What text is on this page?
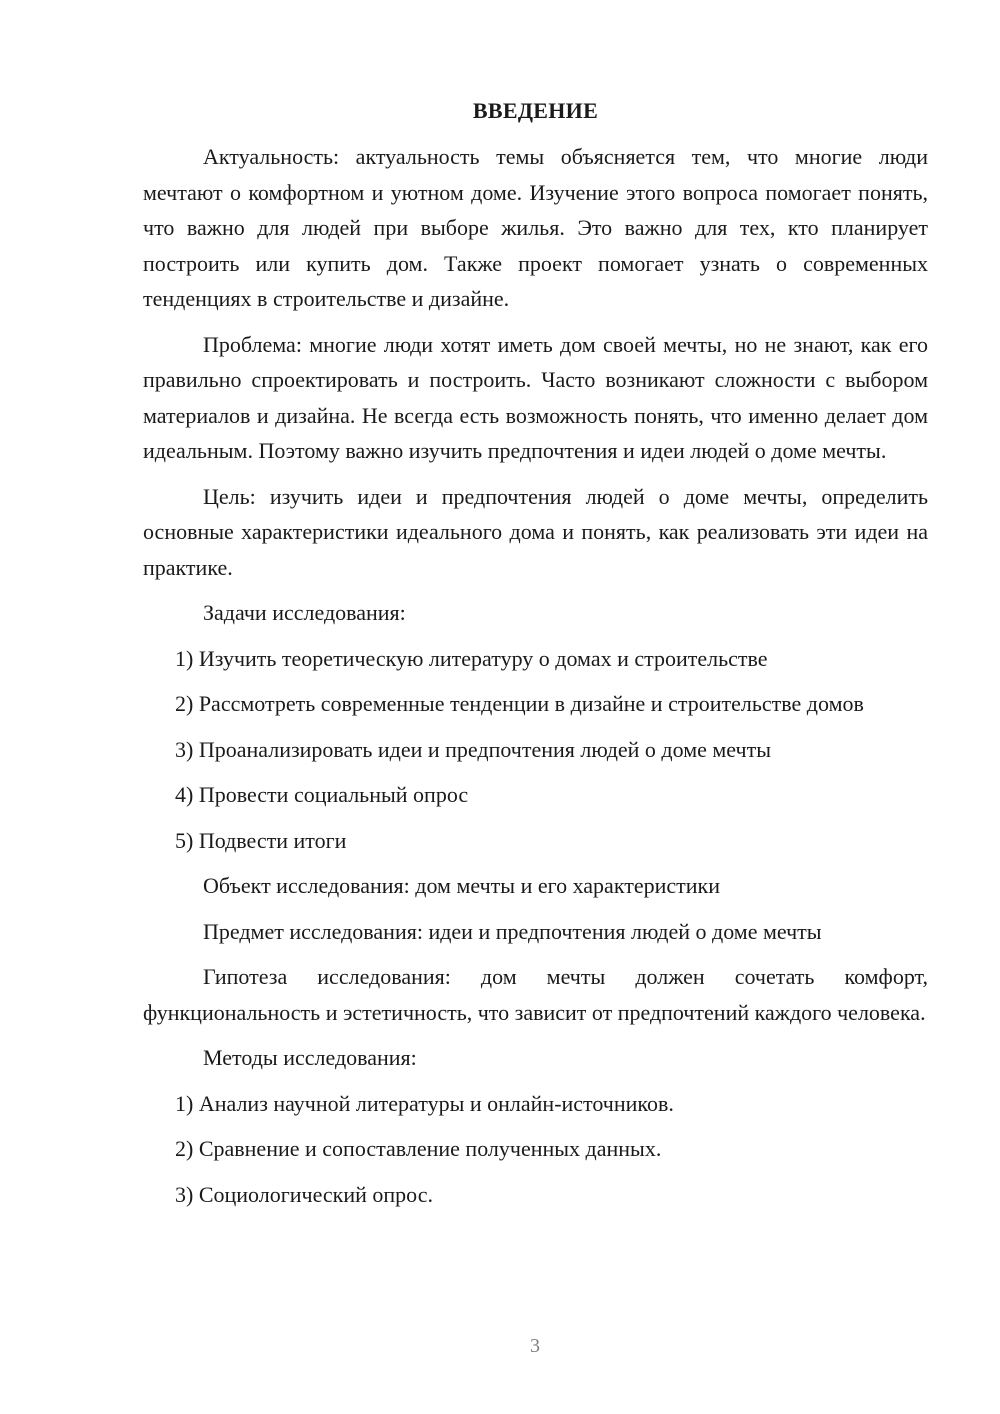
ВВЕДЕНИЕ

Актуальность: актуальность темы объясняется тем, что многие люди мечтают о комфортном и уютном доме. Изучение этого вопроса помогает понять, что важно для людей при выборе жилья. Это важно для тех, кто планирует построить или купить дом. Также проект помогает узнать о современных тенденциях в строительстве и дизайне.

Проблема: многие люди хотят иметь дом своей мечты, но не знают, как его правильно спроектировать и построить. Часто возникают сложности с выбором материалов и дизайна. Не всегда есть возможность понять, что именно делает дом идеальным. Поэтому важно изучить предпочтения и идеи людей о доме мечты.

Цель: изучить идеи и предпочтения людей о доме мечты, определить основные характеристики идеального дома и понять, как реализовать эти идеи на практике.

Задачи исследования:

1) Изучить теоретическую литературу о домах и строительстве

2) Рассмотреть современные тенденции в дизайне и строительстве домов

3) Проанализировать идеи и предпочтения людей о доме мечты

4) Провести социальный опрос

5) Подвести итоги

Объект исследования: дом мечты и его характеристики

Предмет исследования: идеи и предпочтения людей о доме мечты

Гипотеза исследования: дом мечты должен сочетать комфорт, функциональность и эстетичность, что зависит от предпочтений каждого человека.

Методы исследования:

1) Анализ научной литературы и онлайн-источников.

2) Сравнение и сопоставление полученных данных.

3) Социологический опрос.

3
